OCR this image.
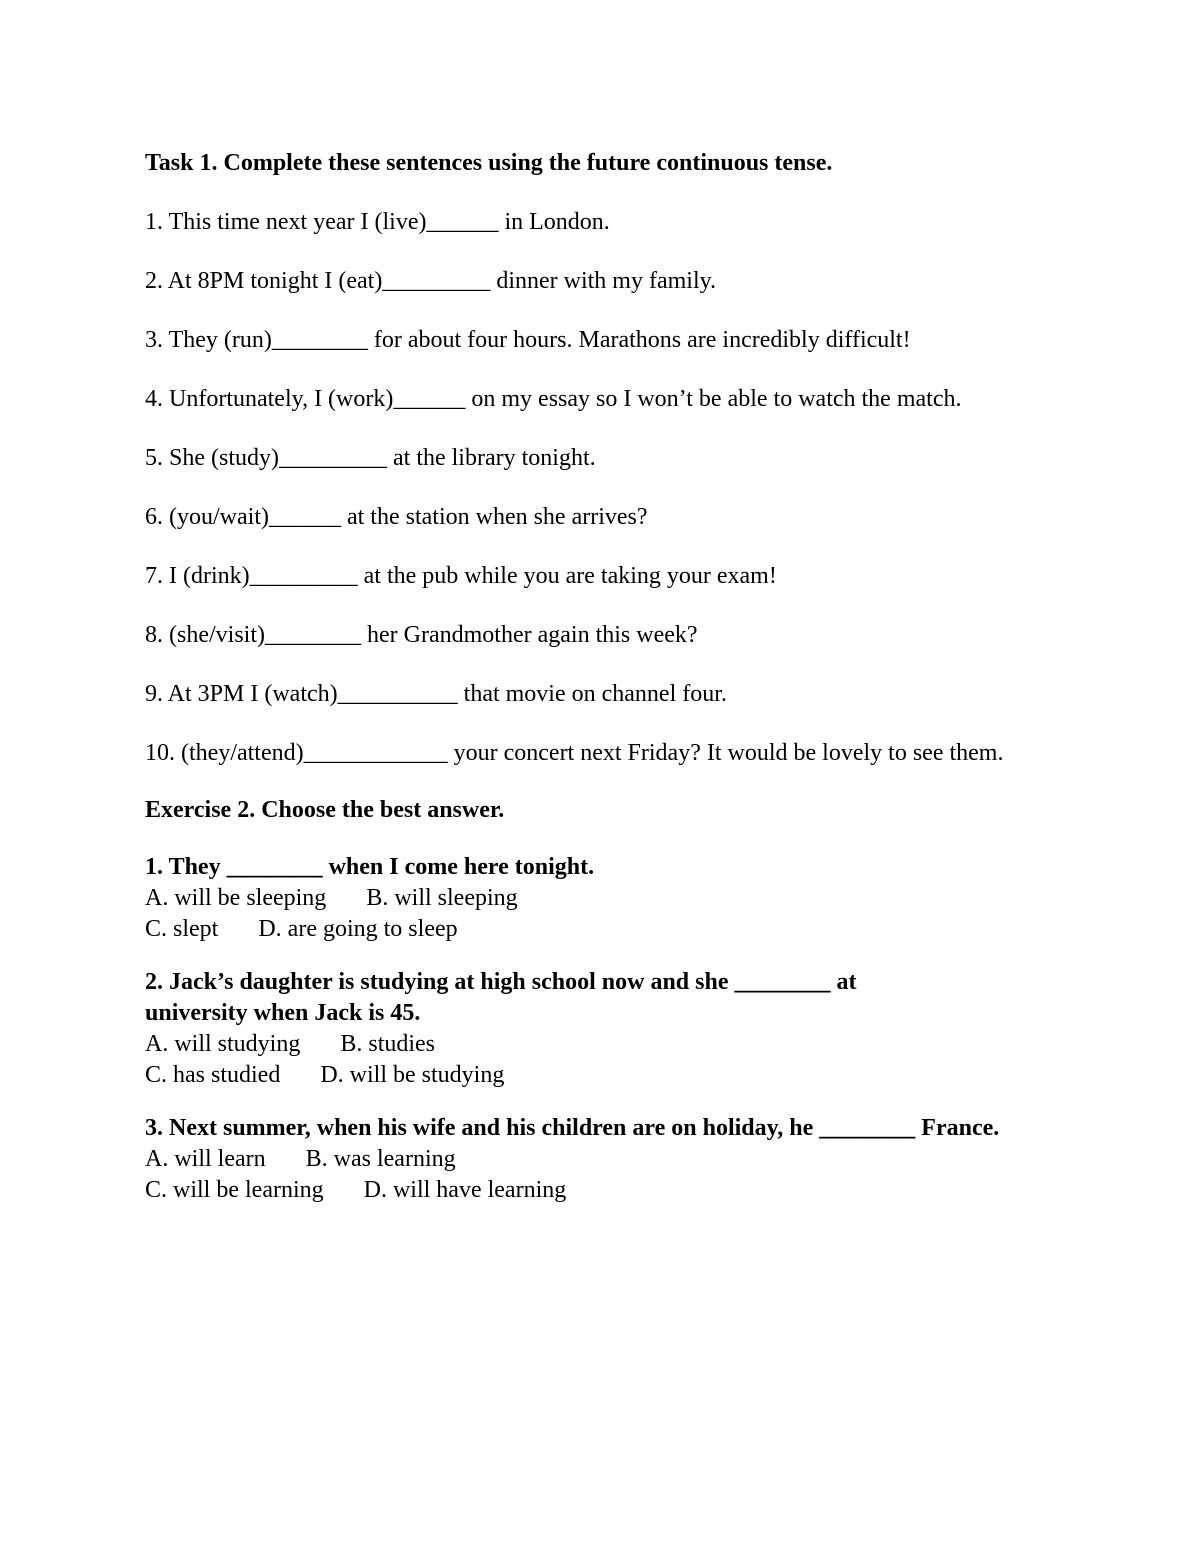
Task 1. Complete these sentences using the future continuous tense.

1. This time next year I (live)______ in London.

2. At 8PM tonight I (eat)_________ dinner with my family.

3. They (run)________ for about four hours. Marathons are incredibly difficult!

4. Unfortunately, I (work)______ on my essay so I won’t be able to watch the match.

5. She (study)_________ at the library tonight.

6. (you/wait)______ at the station when she arrives?

7. I (drink)_________ at the pub while you are taking your exam!

8. (she/visit)________ her Grandmother again this week?

9. At 3PM I (watch)__________ that movie on channel four.

10. (they/attend)____________ your concert next Friday? It would be lovely to see them.

Exercise 2. Choose the best answer.

1. They ________ when I come here tonight.

A. will be sleeping B. will sleeping

C. slept D. are going to sleep

2. Jack’s daughter is studying at high school now and she ________ at university when Jack is 45.

A. will studying B. studies

C. has studied D. will be studying

3. Next summer, when his wife and his children are on holiday, he ________ France.

A. will learn B. was learning

C. will be learning D. will have learning
